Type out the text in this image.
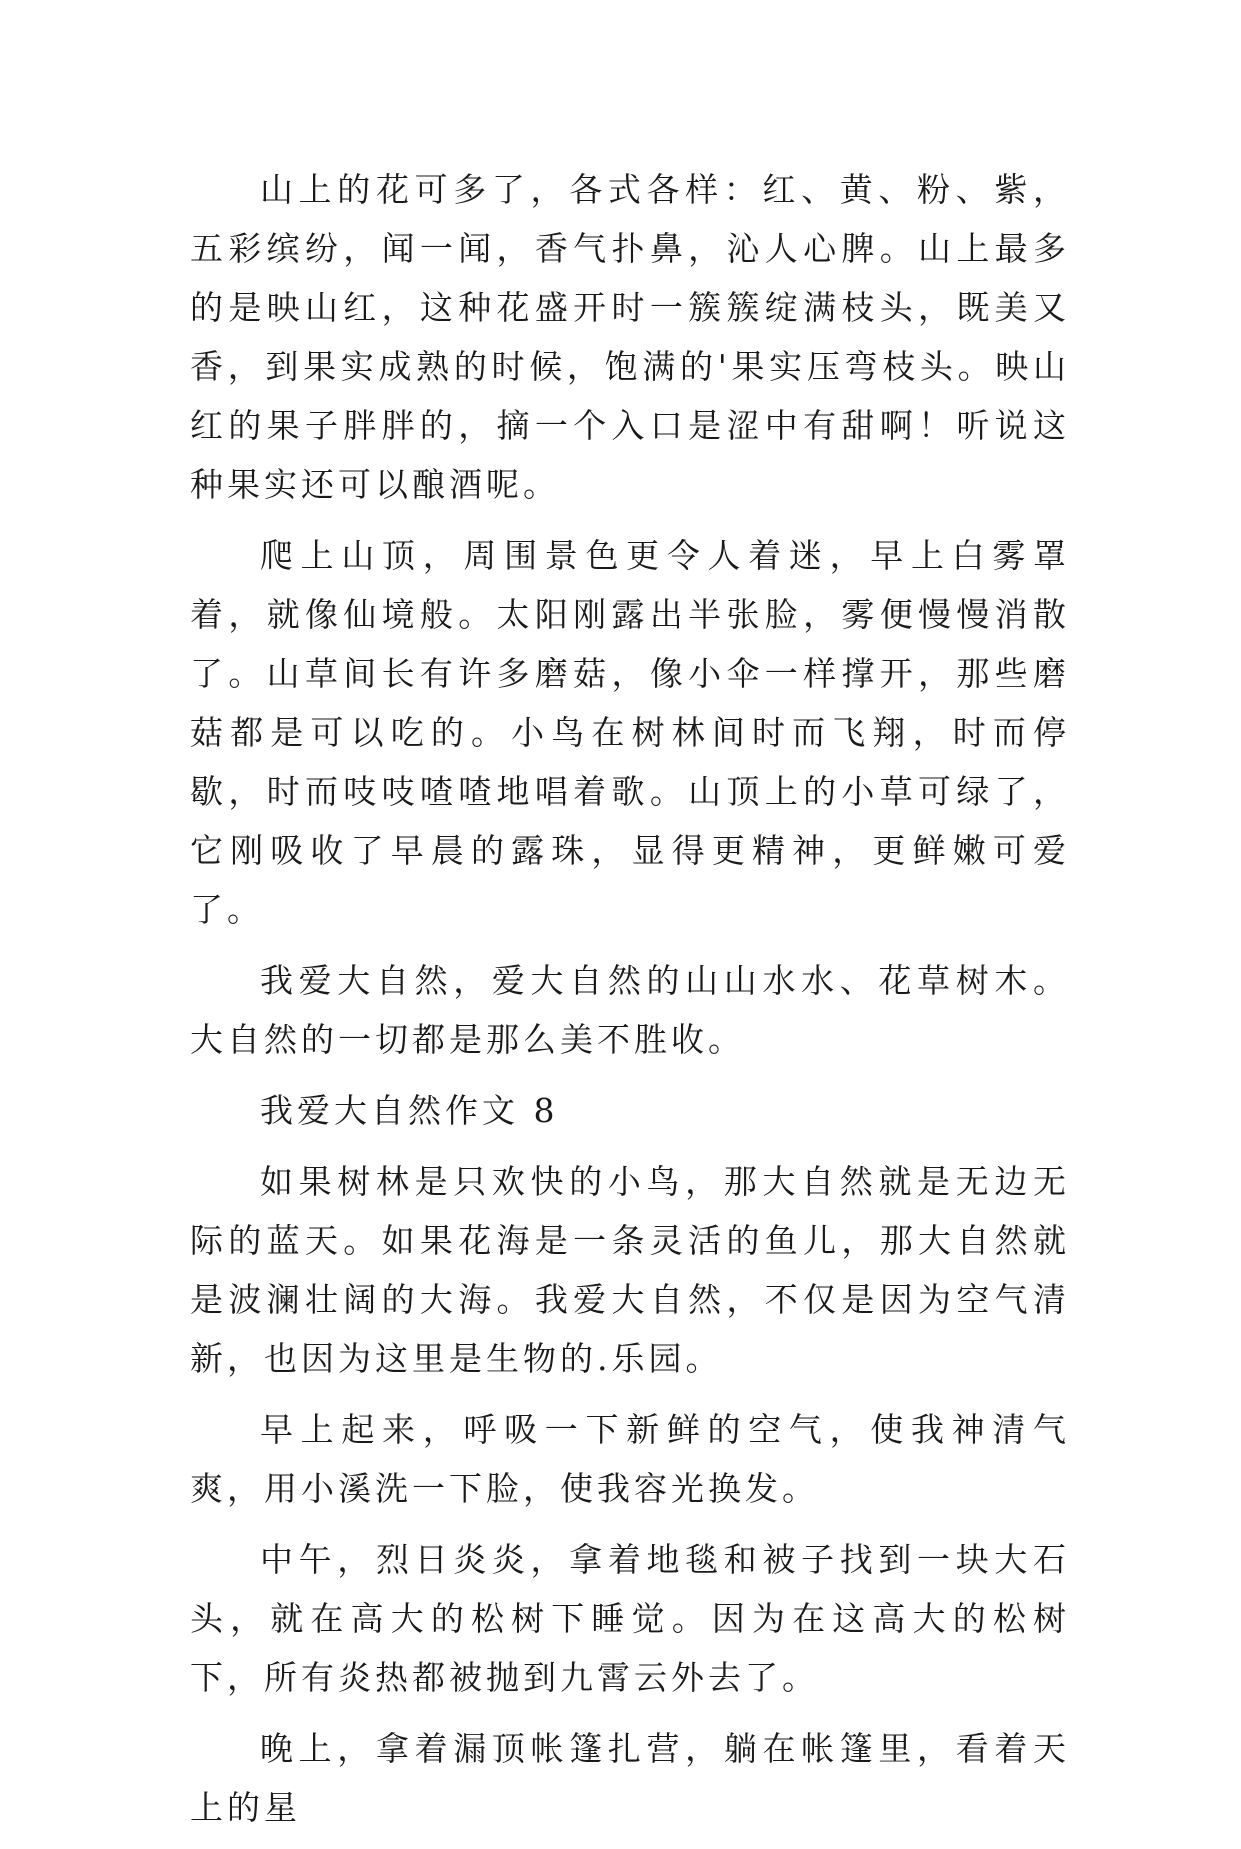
山上的花可多了，各式各样：红、黄、粉、紫，五彩缤纷，闻一闻，香气扑鼻，沁人心脾。山上最多的是映山红，这种花盛开时一簇簇绽满枝头，既美又香，到果实成熟的时候，饱满的'果实压弯枝头。映山红的果子胖胖的，摘一个入口是涩中有甜啊！听说这种果实还可以酿酒呢。

爬上山顶，周围景色更令人着迷，早上白雾罩着，就像仙境般。太阳刚露出半张脸，雾便慢慢消散了。山草间长有许多磨菇，像小伞一样撑开，那些磨菇都是可以吃的。小鸟在树林间时而飞翔，时而停歇，时而吱吱喳喳地唱着歌。山顶上的小草可绿了，它刚吸收了早晨的露珠，显得更精神，更鲜嫩可爱了。

我爱大自然，爱大自然的山山水水、花草树木。大自然的一切都是那么美不胜收。

我爱大自然作文 8

如果树林是只欢快的小鸟，那大自然就是无边无际的蓝天。如果花海是一条灵活的鱼儿，那大自然就是波澜壮阔的大海。我爱大自然，不仅是因为空气清新，也因为这里是生物的.乐园。

早上起来，呼吸一下新鲜的空气，使我神清气爽，用小溪洗一下脸，使我容光换发。

中午，烈日炎炎，拿着地毯和被子找到一块大石头，就在高大的松树下睡觉。因为在这高大的松树下，所有炎热都被抛到九霄云外去了。

晚上，拿着漏顶帐篷扎营，躺在帐篷里，看着天上的星
